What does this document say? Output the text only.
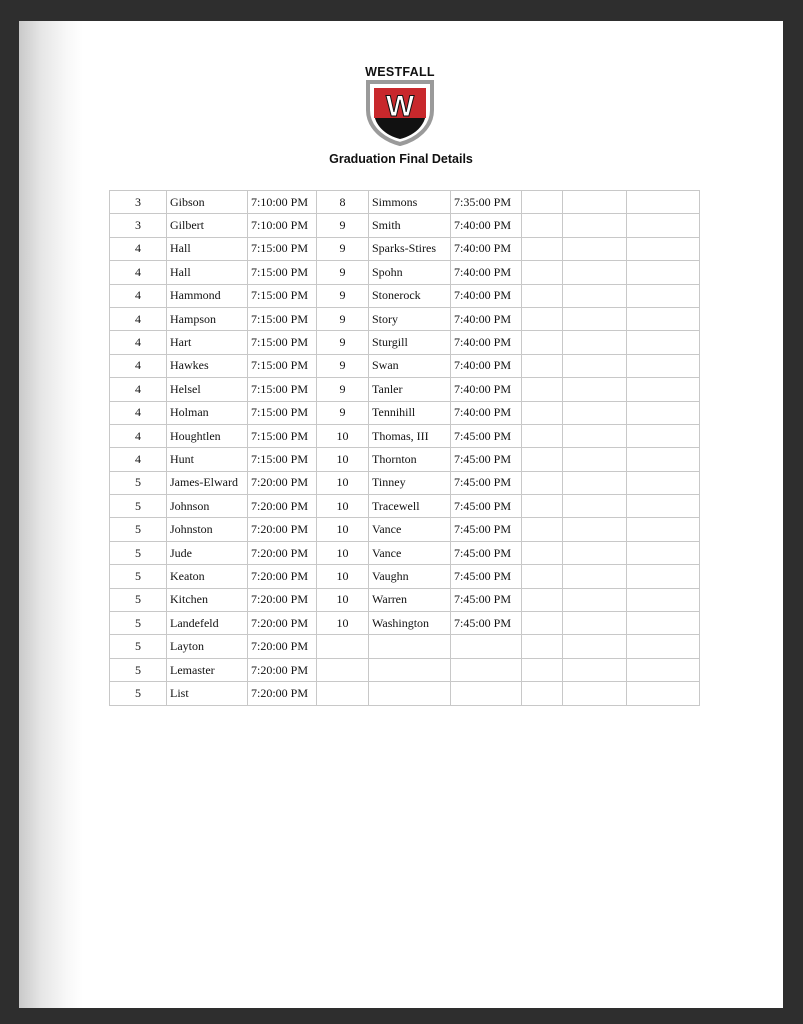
WESTFALL
W
Graduation Final Details
3	Gibson	7:10:00 PM	8	Simmons	7:35:00 PM			
3	Gilbert	7:10:00 PM	9	Smith	7:40:00 PM			
4	Hall	7:15:00 PM	9	Sparks-Stires	7:40:00 PM			
4	Hall	7:15:00 PM	9	Spohn	7:40:00 PM			
4	Hammond	7:15:00 PM	9	Stonerock	7:40:00 PM			
4	Hampson	7:15:00 PM	9	Story	7:40:00 PM			
4	Hart	7:15:00 PM	9	Sturgill	7:40:00 PM			
4	Hawkes	7:15:00 PM	9	Swan	7:40:00 PM			
4	Helsel	7:15:00 PM	9	Tanler	7:40:00 PM			
4	Holman	7:15:00 PM	9	Tennihill	7:40:00 PM			
4	Houghtlen	7:15:00 PM	10	Thomas, III	7:45:00 PM			
4	Hunt	7:15:00 PM	10	Thornton	7:45:00 PM			
5	James-Elward	7:20:00 PM	10	Tinney	7:45:00 PM			
5	Johnson	7:20:00 PM	10	Tracewell	7:45:00 PM			
5	Johnston	7:20:00 PM	10	Vance	7:45:00 PM			
5	Jude	7:20:00 PM	10	Vance	7:45:00 PM			
5	Keaton	7:20:00 PM	10	Vaughn	7:45:00 PM			
5	Kitchen	7:20:00 PM	10	Warren	7:45:00 PM			
5	Landefeld	7:20:00 PM	10	Washington	7:45:00 PM			
5	Layton	7:20:00 PM						
5	Lemaster	7:20:00 PM						
5	List	7:20:00 PM						
